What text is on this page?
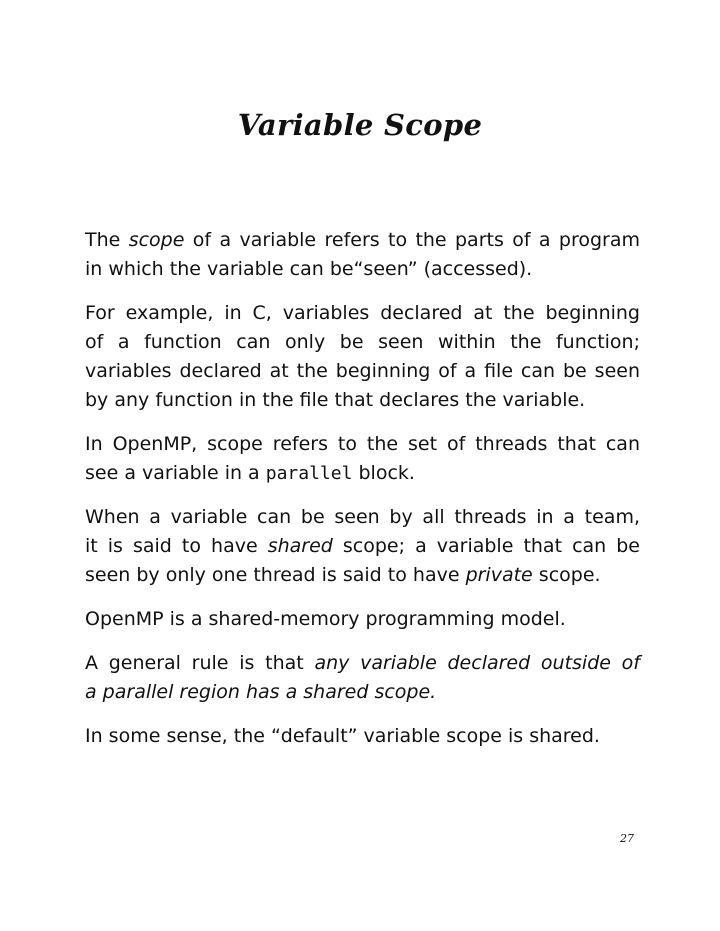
Variable Scope

The scope of a variable refers to the parts of a program
in which the variable can be“seen” (accessed).

For example, in C, variables declared at the beginning
of a function can only be seen within the function;
variables declared at the beginning of a file can be seen
by any function in the file that declares the variable.

In OpenMP, scope refers to the set of threads that can
see a variable in a parallel block.

When a variable can be seen by all threads in a team,
it is said to have shared scope; a variable that can be
seen by only one thread is said to have private scope.

OpenMP is a shared-memory programming model.

A general rule is that any variable declared outside of
a parallel region has a shared scope.

In some sense, the “default” variable scope is shared.

27
